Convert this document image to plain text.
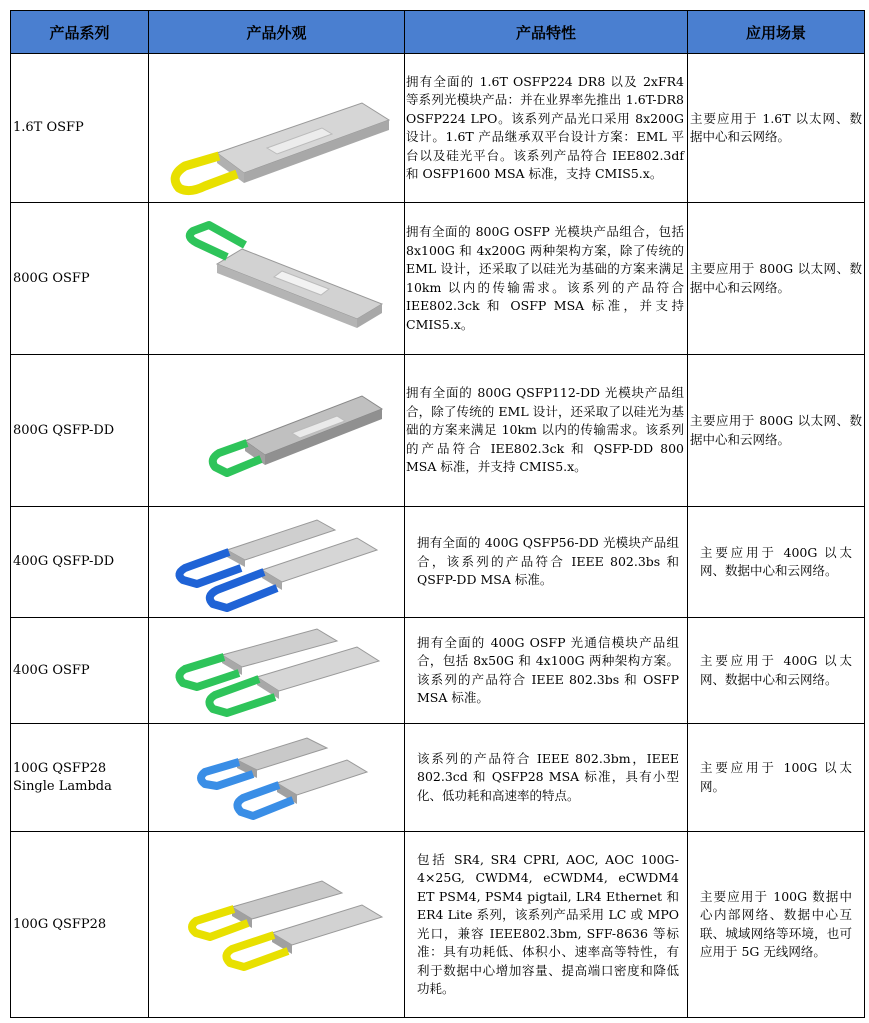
产品系列	产品外观	产品特性	应用场景
1.6T OSFP		拥有全面的 1.6T OSFP224 DR8 以及 2xFR4 等系列光模块产品：并在业界率先推出 1.6T-DR8 OSFP224 LPO。该系列产品光口采用 8x200G 设计。1.6T 产品继承双平台设计方案：EML 平台以及硅光平台。该系列产品符合 IEE802.3df 和 OSFP1600 MSA 标准，支持 CMIS5.x。	主要应用于 1.6T 以太网、数据中心和云网络。
800G OSFP		拥有全面的 800G OSFP 光模块产品组合，包括 8x100G 和 4x200G 两种架构方案，除了传统的 EML 设计，还采取了以硅光为基础的方案来满足 10km 以内的传输需求。该系列的产品符合 IEE802.3ck 和 OSFP MSA 标准，并支持 CMIS5.x。	主要应用于 800G 以太网、数据中心和云网络。
800G QSFP-DD		拥有全面的 800G QSFP112-DD 光模块产品组合，除了传统的 EML 设计，还采取了以硅光为基础的方案来满足 10km 以内的传输需求。该系列的产品符合 IEE802.3ck 和 QSFP-DD 800 MSA 标准，并支持 CMIS5.x。	主要应用于 800G 以太网、数据中心和云网络。
400G QSFP-DD		拥有全面的 400G QSFP56-DD 光模块产品组合，该系列的产品符合 IEEE 802.3bs 和 QSFP-DD MSA 标准。	主要应用于 400G 以太网、数据中心和云网络。
400G OSFP		拥有全面的 400G OSFP 光通信模块产品组合，包括 8x50G 和 4x100G 两种架构方案。该系列的产品符合 IEEE 802.3bs 和 OSFP MSA 标准。	主要应用于 400G 以太网、数据中心和云网络。
100G QSFP28 Single Lambda		该系列的产品符合 IEEE 802.3bm，IEEE 802.3cd 和 QSFP28 MSA 标准，具有小型化、低功耗和高速率的特点。	主要应用于 100G 以太网。
100G QSFP28		包括 SR4, SR4 CPRI, AOC, AOC 100G-4×25G, CWDM4, eCWDM4, eCWDM4 ET PSM4, PSM4 pigtail, LR4 Ethernet 和 ER4 Lite 系列，该系列产品采用 LC 或 MPO 光口，兼容 IEEE802.3bm, SFF-8636 等标准：具有功耗低、体积小、速率高等特性，有利于数据中心增加容量、提高端口密度和降低功耗。	主要应用于 100G 数据中心内部网络、数据中心互联、城域网络等环境，也可应用于 5G 无线网络。
